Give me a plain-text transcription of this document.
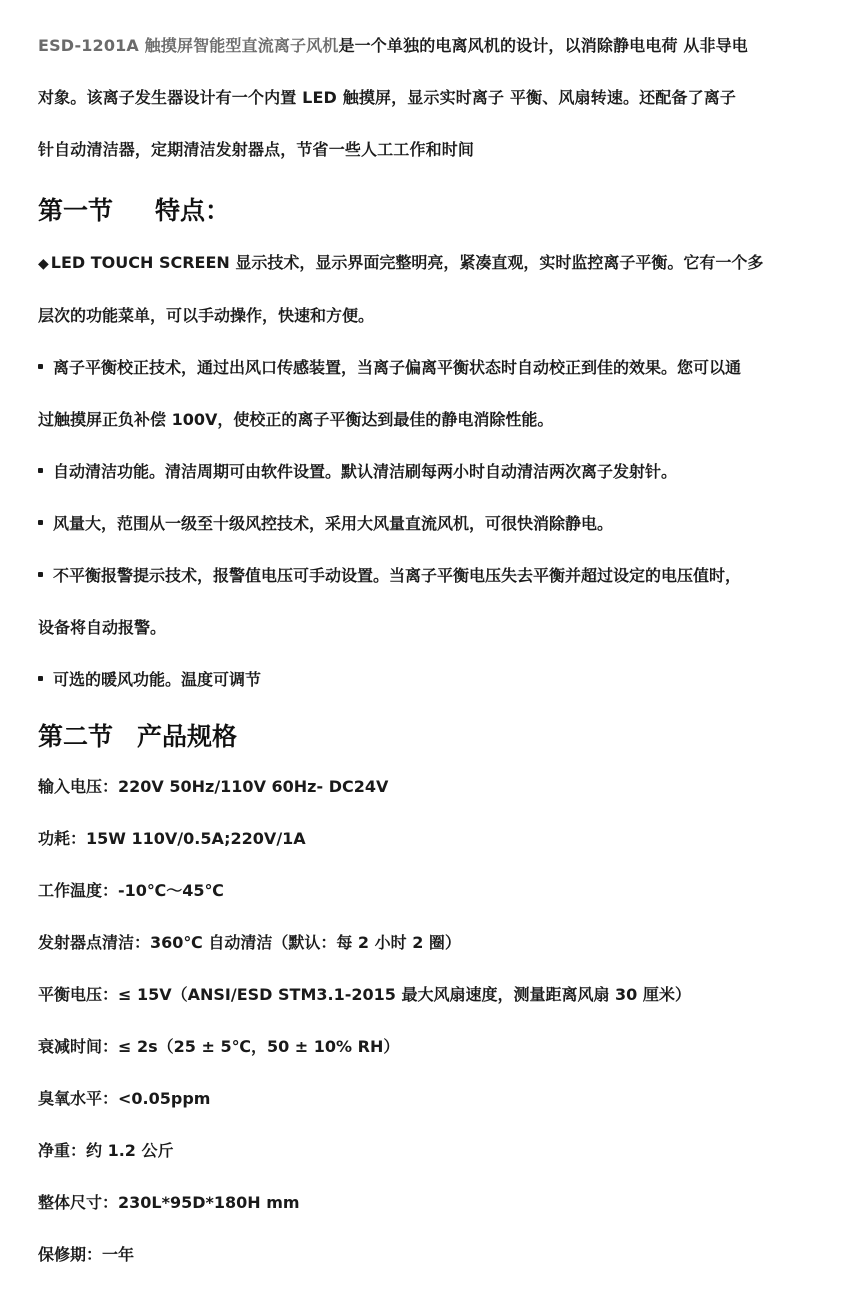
ESD-1201A 触摸屏智能型直流离子风机是一个单独的电离风机的设计，以消除静电电荷 从非导电

对象。该离子发生器设计有一个内置 LED 触摸屏，显示实时离子 平衡、风扇转速。还配备了离子

针自动清洁器，定期清洁发射器点，节省一些人工工作和时间

第一节 特点：

◆ LED TOUCH SCREEN 显示技术，显示界面完整明亮，紧凑直观，实时监控离子平衡。它有一个多

层次的功能菜单，可以手动操作，快速和方便。

离子平衡校正技术，通过出风口传感装置，当离子偏离平衡状态时自动校正到佳的效果。您可以通

过触摸屏正负补偿 100V，使校正的离子平衡达到最佳的静电消除性能。

自动清洁功能。清洁周期可由软件设置。默认清洁刷每两小时自动清洁两次离子发射针。

风量大，范围从一级至十级风控技术，采用大风量直流风机，可很快消除静电。

不平衡报警提示技术，报警值电压可手动设置。当离子平衡电压失去平衡并超过设定的电压值时，

设备将自动报警。

可选的暖风功能。温度可调节

第二节 产品规格

输入电压：220V 50Hz/110V 60Hz- DC24V

功耗：15W 110V/0.5A;220V/1A

工作温度：-10℃～45℃

发射器点清洁：360℃ 自动清洁（默认：每 2 小时 2 圈）

平衡电压：≤ 15V（ANSI/ESD STM3.1-2015 最大风扇速度，测量距离风扇 30 厘米）

衰减时间：≤ 2s（25 ± 5℃，50 ± 10% RH）

臭氧水平：<0.05ppm

净重：约 1.2 公斤

整体尺寸：230L*95D*180H mm

保修期：一年
